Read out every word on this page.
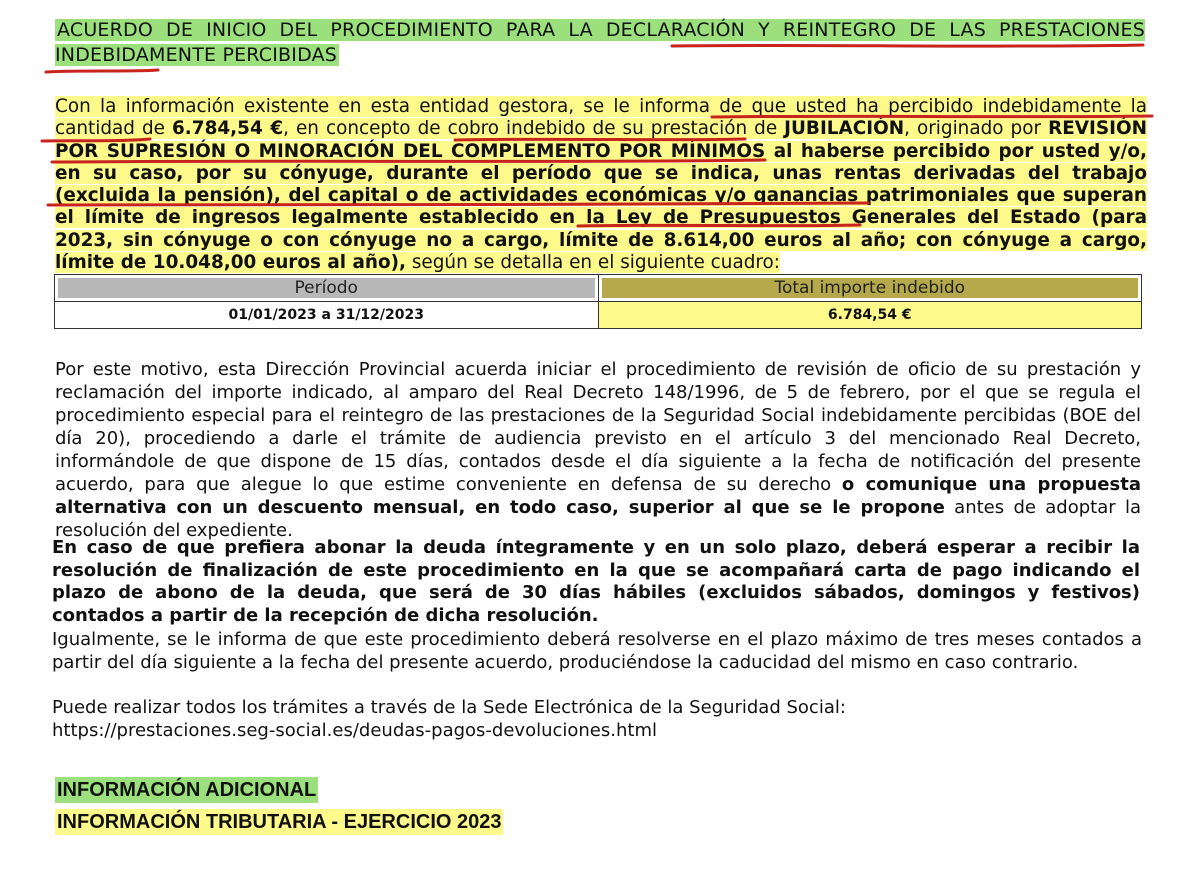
ACUERDO DE INICIO DEL PROCEDIMIENTO PARA LA DECLARACIÓN Y REINTEGRO DE LAS PRESTACIONES INDEBIDAMENTE PERCIBIDAS
Con la información existente en esta entidad gestora, se le informa de que usted ha percibido indebidamente la cantidad de 6.784,54 €, en concepto de cobro indebido de su prestación de JUBILACIÓN, originado por REVISIÓN POR SUPRESIÓN O MINORACIÓN DEL COMPLEMENTO POR MÍNIMOS al haberse percibido por usted y/o, en su caso, por su cónyuge, durante el período que se indica, unas rentas derivadas del trabajo (excluida la pensión), del capital o de actividades económicas y/o ganancias patrimoniales que superan el límite de ingresos legalmente establecido en la Ley de Presupuestos Generales del Estado (para 2023, sin cónyuge o con cónyuge no a cargo, límite de 8.614,00 euros al año; con cónyuge a cargo, límite de 10.048,00 euros al año), según se detalla en el siguiente cuadro:
Período	Total importe indebido
01/01/2023 a 31/12/2023	6.784,54 €
Por este motivo, esta Dirección Provincial acuerda iniciar el procedimiento de revisión de oficio de su prestación y reclamación del importe indicado, al amparo del Real Decreto 148/1996, de 5 de febrero, por el que se regula el procedimiento especial para el reintegro de las prestaciones de la Seguridad Social indebidamente percibidas (BOE del día 20), procediendo a darle el trámite de audiencia previsto en el artículo 3 del mencionado Real Decreto, informándole de que dispone de 15 días, contados desde el día siguiente a la fecha de notificación del presente acuerdo, para que alegue lo que estime conveniente en defensa de su derecho o comunique una propuesta alternativa con un descuento mensual, en todo caso, superior al que se le propone antes de adoptar la resolución del expediente.
En caso de que prefiera abonar la deuda íntegramente y en un solo plazo, deberá esperar a recibir la resolución de finalización de este procedimiento en la que se acompañará carta de pago indicando el plazo de abono de la deuda, que será de 30 días hábiles (excluidos sábados, domingos y festivos) contados a partir de la recepción de dicha resolución.
Igualmente, se le informa de que este procedimiento deberá resolverse en el plazo máximo de tres meses contados a partir del día siguiente a la fecha del presente acuerdo, produciéndose la caducidad del mismo en caso contrario.
Puede realizar todos los trámites a través de la Sede Electrónica de la Seguridad Social:
https://prestaciones.seg-social.es/deudas-pagos-devoluciones.html
INFORMACIÓN ADICIONAL
INFORMACIÓN TRIBUTARIA - EJERCICIO 2023
